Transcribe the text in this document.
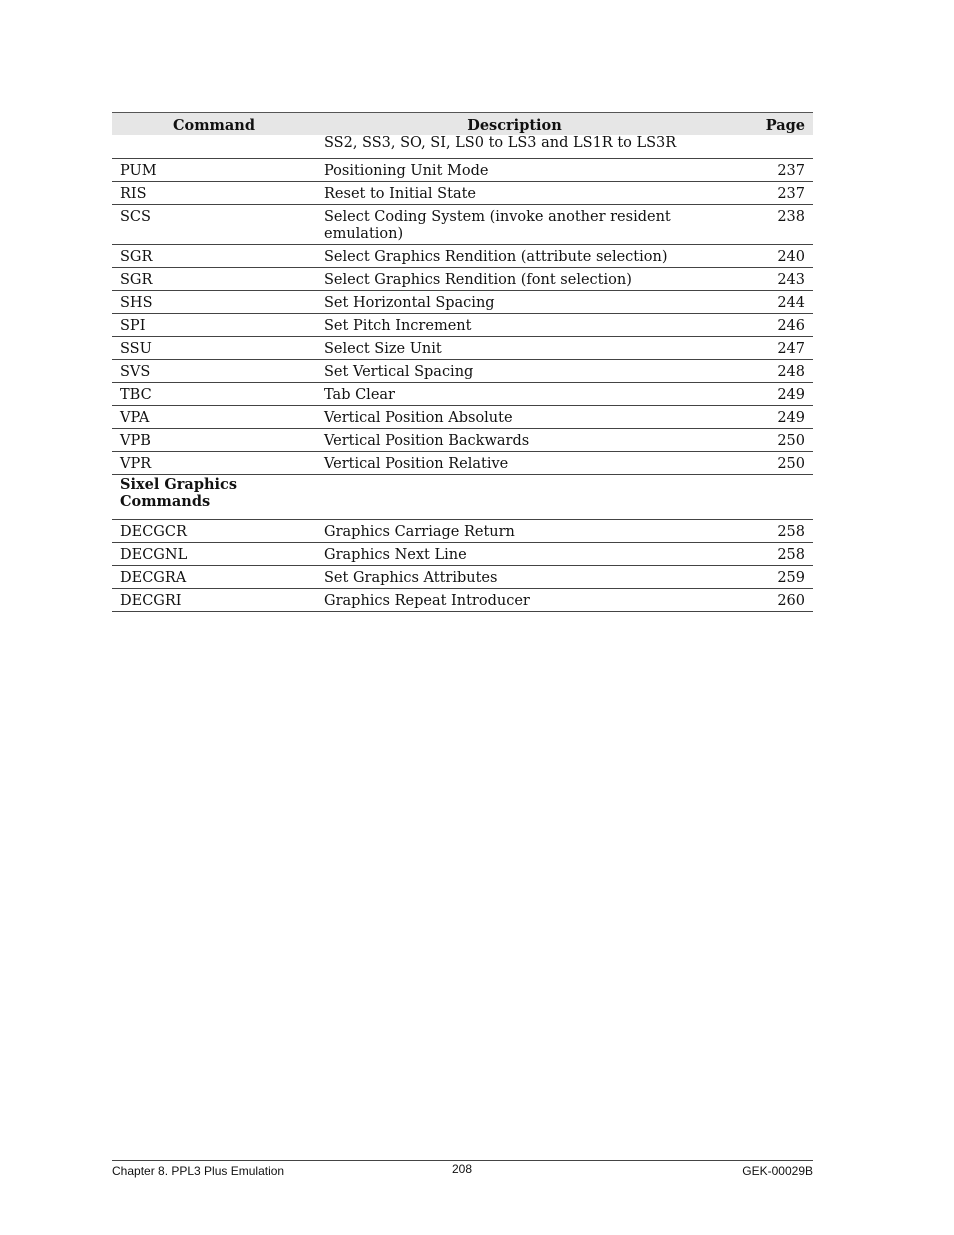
Command	Description	Page
	SS2, SS3, SO, SI, LS0 to LS3 and LS1R to LS3R	
PUM	Positioning Unit Mode	237
RIS	Reset to Initial State	237
SCS	Select Coding System (invoke another resident emulation)	238
SGR	Select Graphics Rendition (attribute selection)	240
SGR	Select Graphics Rendition (font selection)	243
SHS	Set Horizontal Spacing	244
SPI	Set Pitch Increment	246
SSU	Select Size Unit	247
SVS	Set Vertical Spacing	248
TBC	Tab Clear	249
VPA	Vertical Position Absolute	249
VPB	Vertical Position Backwards	250
VPR	Vertical Position Relative	250
Sixel Graphics Commands		
DECGCR	Graphics Carriage Return	258
DECGNL	Graphics Next Line	258
DECGRA	Set Graphics Attributes	259
DECGRI	Graphics Repeat Introducer	260
Chapter 8. PPL3 Plus Emulation	208	GEK-00029B
